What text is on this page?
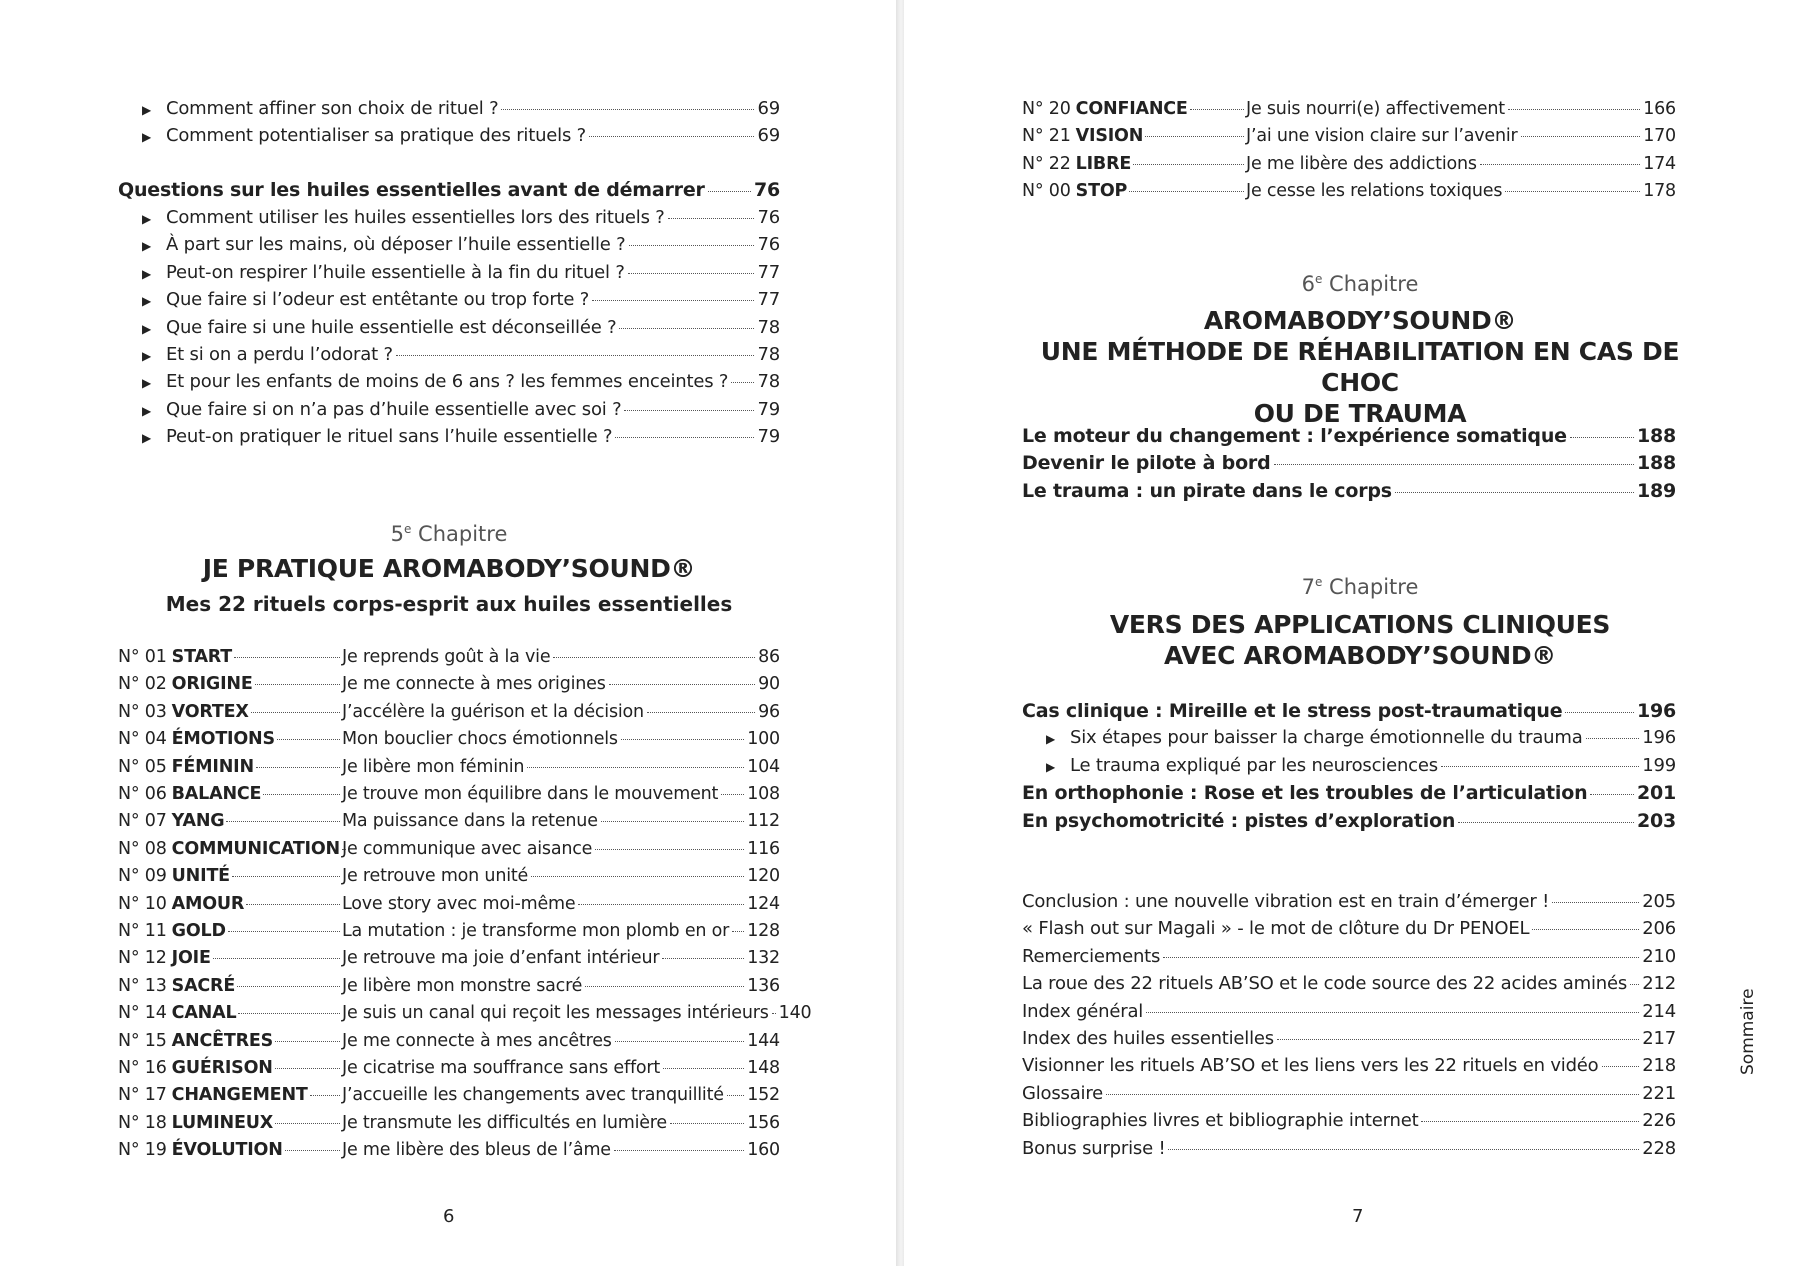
5e Chapitre
JE PRATIQUE AROMABODY’SOUND®
Mes 22 rituels corps-esprit aux huiles essentielles
6
6e Chapitre
AROMABODY’SOUND®
UNE MÉTHODE DE RÉHABILITATION EN CAS DE CHOC
OU DE TRAUMA
7e Chapitre
VERS DES APPLICATIONS CLINIQUES
AVEC AROMABODY’SOUND®
7
Sommaire
▶ Comment affiner son choix de rituel ?	69
▶ Comment potentialiser sa pratique des rituels ?	69
Questions sur les huiles essentielles avant de démarrer	76
▶ Comment utiliser les huiles essentielles lors des rituels ?	76
▶ À part sur les mains, où déposer l’huile essentielle ?	76
▶ Peut-on respirer l’huile essentielle à la fin du rituel ?	77
▶ Que faire si l’odeur est entêtante ou trop forte ?	77
▶ Que faire si une huile essentielle est déconseillée ?	78
▶ Et si on a perdu l’odorat ?	78
▶ Et pour les enfants de moins de 6 ans ? les femmes enceintes ? 78
▶ Que faire si on n’a pas d’huile essentielle avec soi ?	79
▶ Peut-on pratiquer le rituel sans l’huile essentielle ?	79
N° 01 START	Je reprends goût à la vie	86
N° 02 ORIGINE	Je me connecte à mes origines	90
N° 03 VORTEX	J’accélère la guérison et la décision	96
N° 04 ÉMOTIONS	Mon bouclier chocs émotionnels	100
N° 05 FÉMININ	Je libère mon féminin	104
N° 06 BALANCE	Je trouve mon équilibre dans le mouvement 108
N° 07 YANG	Ma puissance dans la retenue	112
N° 08 COMMUNICATION Je communique avec aisance	116
N° 09 UNITÉ	Je retrouve mon unité	120
N° 10 AMOUR	Love story avec moi-même	124
N° 11 GOLD	La mutation : je transforme mon plomb en or 128
N° 12 JOIE	Je retrouve ma joie d’enfant intérieur	132
N° 13 SACRÉ	Je libère mon monstre sacré	136
N° 14 CANAL	Je suis un canal qui reçoit les messages intérieurs 140
N° 15 ANCÊTRES	Je me connecte à mes ancêtres	144
N° 16 GUÉRISON	Je cicatrise ma souffrance sans effort	148
N° 17 CHANGEMENT J’accueille les changements avec tranquillité 152
N° 18 LUMINEUX	Je transmute les difficultés en lumière	156
N° 19 ÉVOLUTION	Je me libère des bleus de l’âme	160
N° 20 CONFIANCE	Je suis nourri(e) affectivement	166
N° 21 VISION	J’ai une vision claire sur l’avenir	170
N° 22 LIBRE	Je me libère des addictions	174
N° 00 STOP	Je cesse les relations toxiques	178
Le moteur du changement : l’expérience somatique	188
Devenir le pilote à bord	188
Le trauma : un pirate dans le corps	189
Cas clinique : Mireille et le stress post-traumatique	196
▶ Six étapes pour baisser la charge émotionnelle du trauma	196
▶ Le trauma expliqué par les neurosciences	199
En orthophonie : Rose et les troubles de l’articulation	201
En psychomotricité : pistes d’exploration	203
Conclusion : une nouvelle vibration est en train d’émerger !	205
« Flash out sur Magali » - le mot de clôture du Dr PENOEL	206
Remerciements	210
La roue des 22 rituels AB’SO et le code source des 22 acides aminés 212
Index général	214
Index des huiles essentielles	217
Visionner les rituels AB’SO et les liens vers les 22 rituels en vidéo 218
Glossaire	221
Bibliographies livres et bibliographie internet	226
Bonus surprise !	228
